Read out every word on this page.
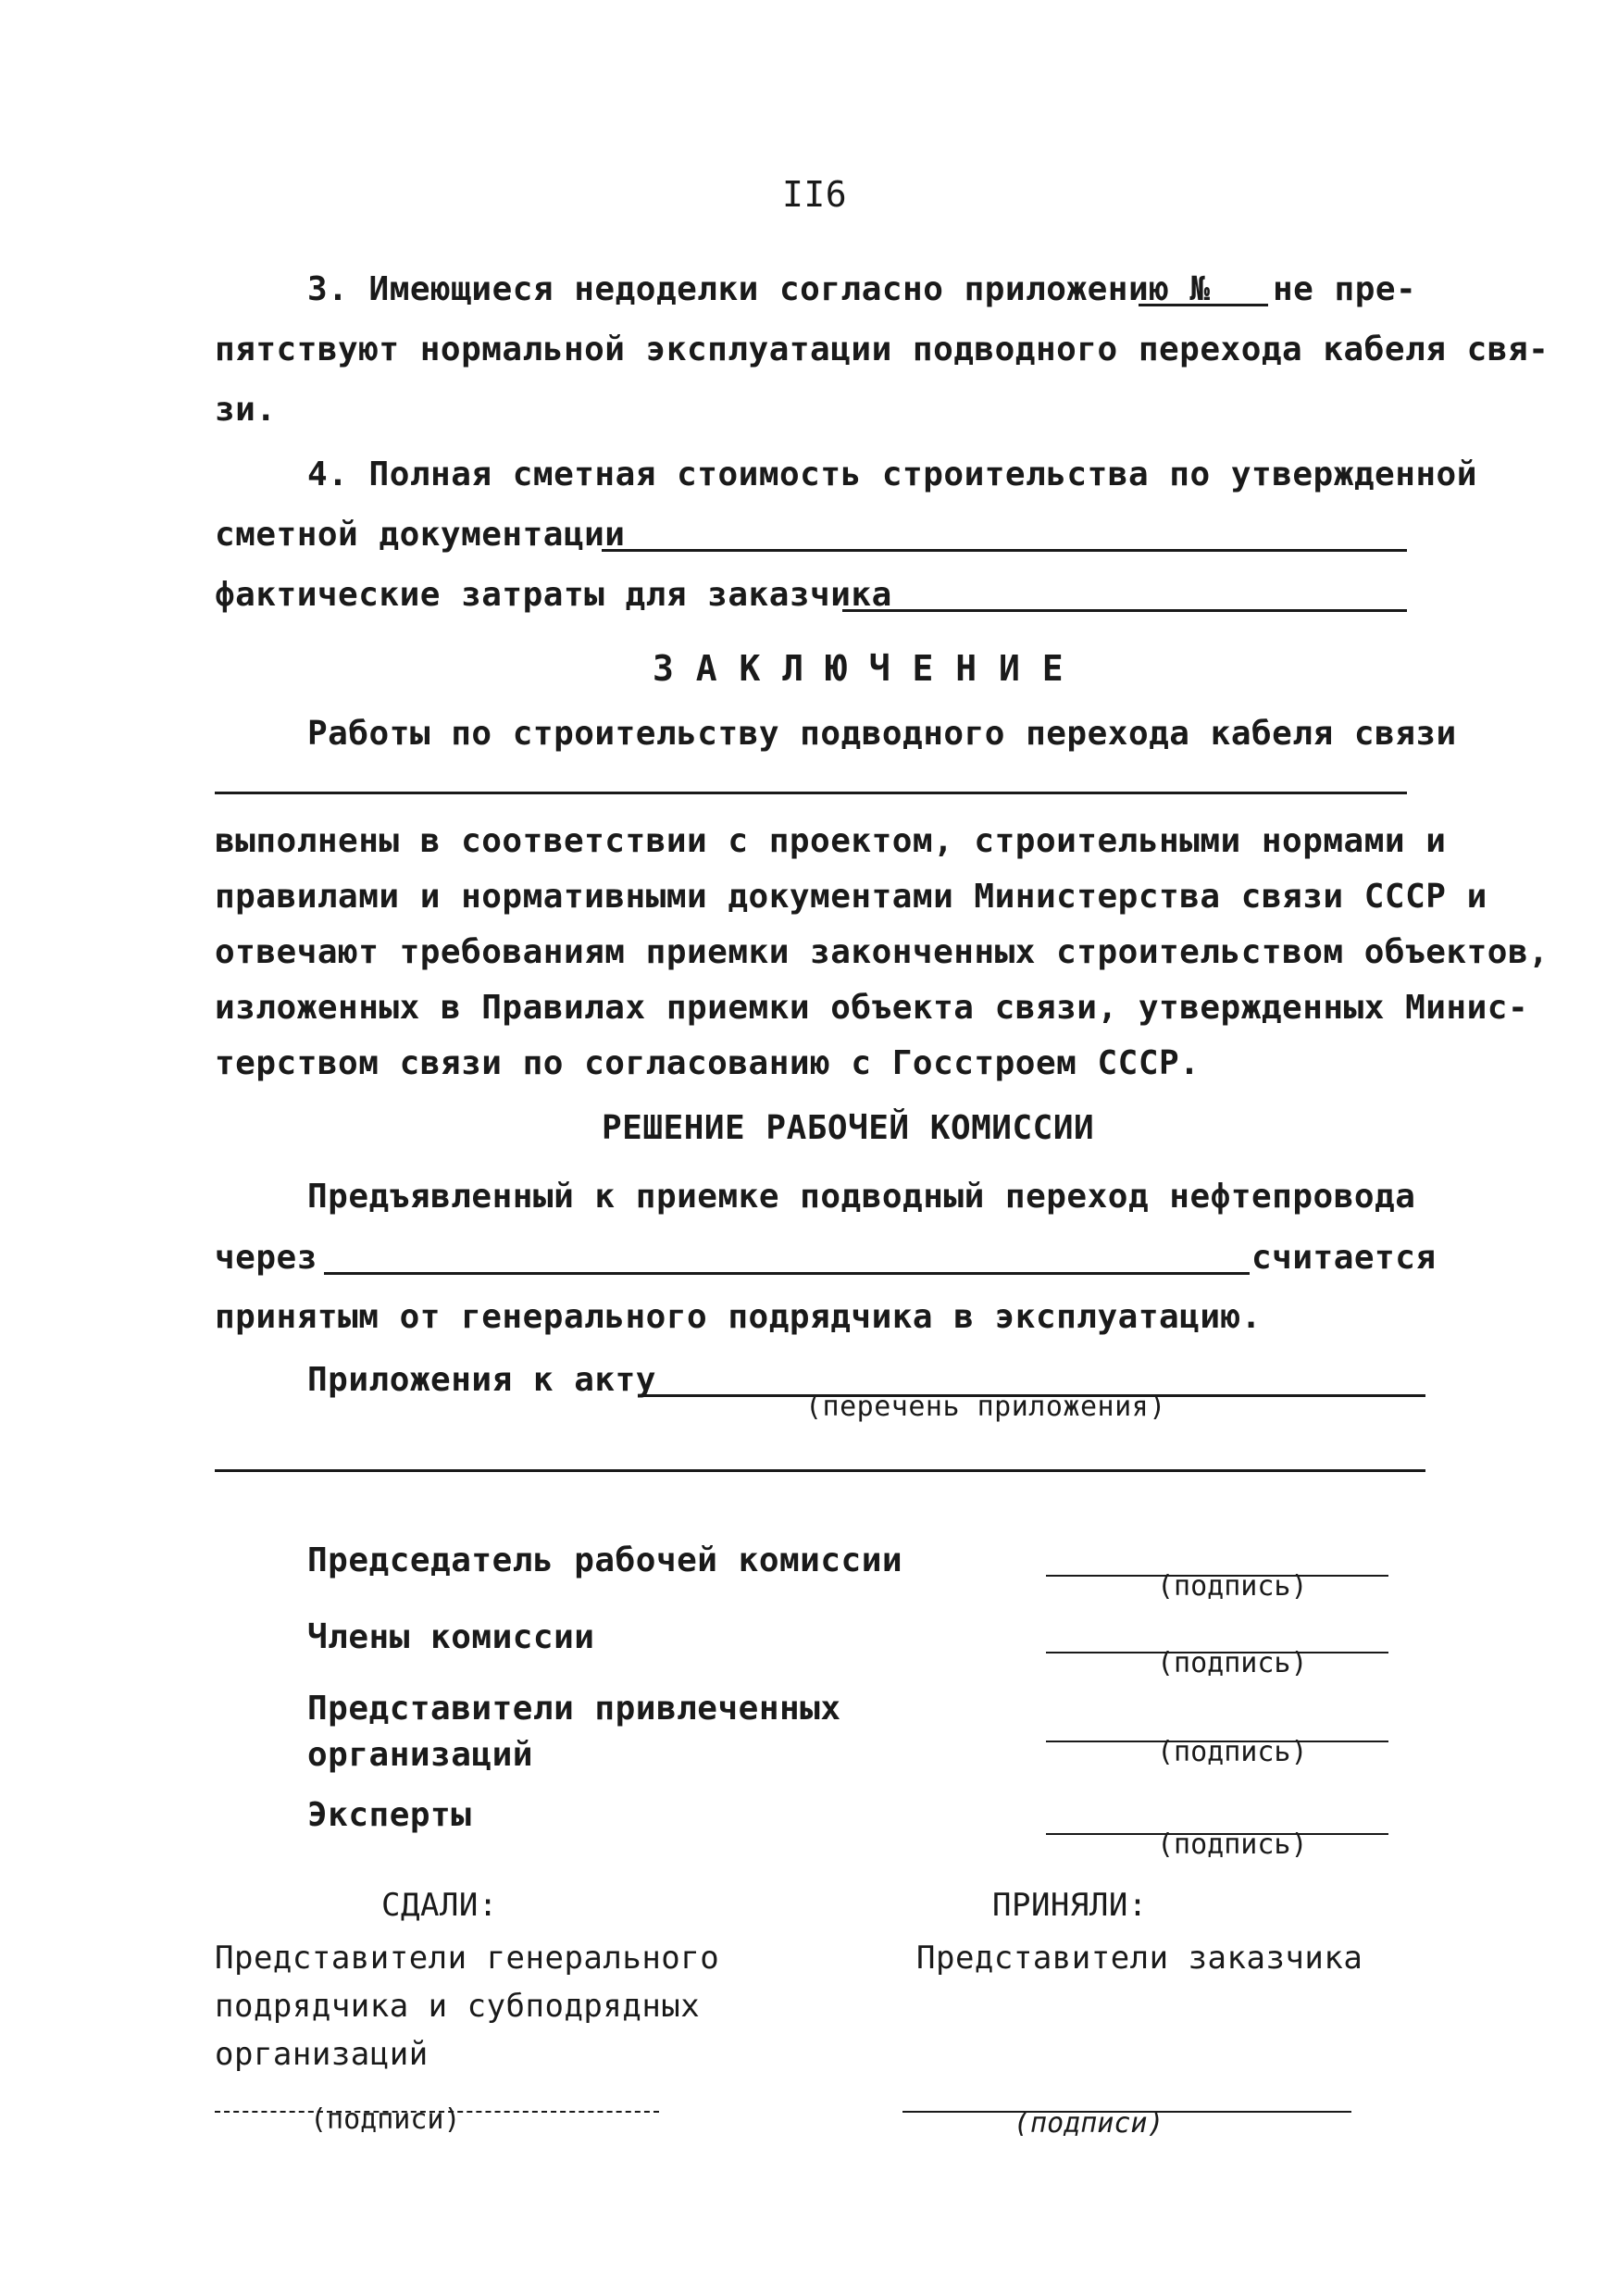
II6
3. Имеющиеся недоделки согласно приложению № не пре-
пятствуют нормальной эксплуатации подводного перехода кабеля свя-
зи.
4. Полная сметная стоимость строительства по утвержденной
сметной документации
фактические затраты для заказчика
З А К Л Ю Ч Е Н И Е
Работы по строительству подводного перехода кабеля связи
выполнены в соответствии с проектом, строительными нормами и
правилами и нормативными документами Министерства связи СССР и
отвечают требованиям приемки законченных строительством объектов,
изложенных в Правилах приемки объекта связи, утвержденных Минис-
терством связи по согласованию с Госстроем СССР.
РЕШЕНИЕ РАБОЧЕЙ КОМИССИИ
Предъявленный к приемке подводный переход нефтепровода
через	считается
принятым от генерального подрядчика в эксплуатацию.
Приложения к акту
(перечень приложения)
Председатель рабочей комиссии
(подпись)
Члены комиссии
(подпись)
Представители привлеченных
организаций	(подпись)
Эксперты
(подпись)
СДАЛИ:	ПРИНЯЛИ:
Представители генерального
подрядчика и субподрядных
организаций
Представители заказчика
(подписи)	(подписи)
